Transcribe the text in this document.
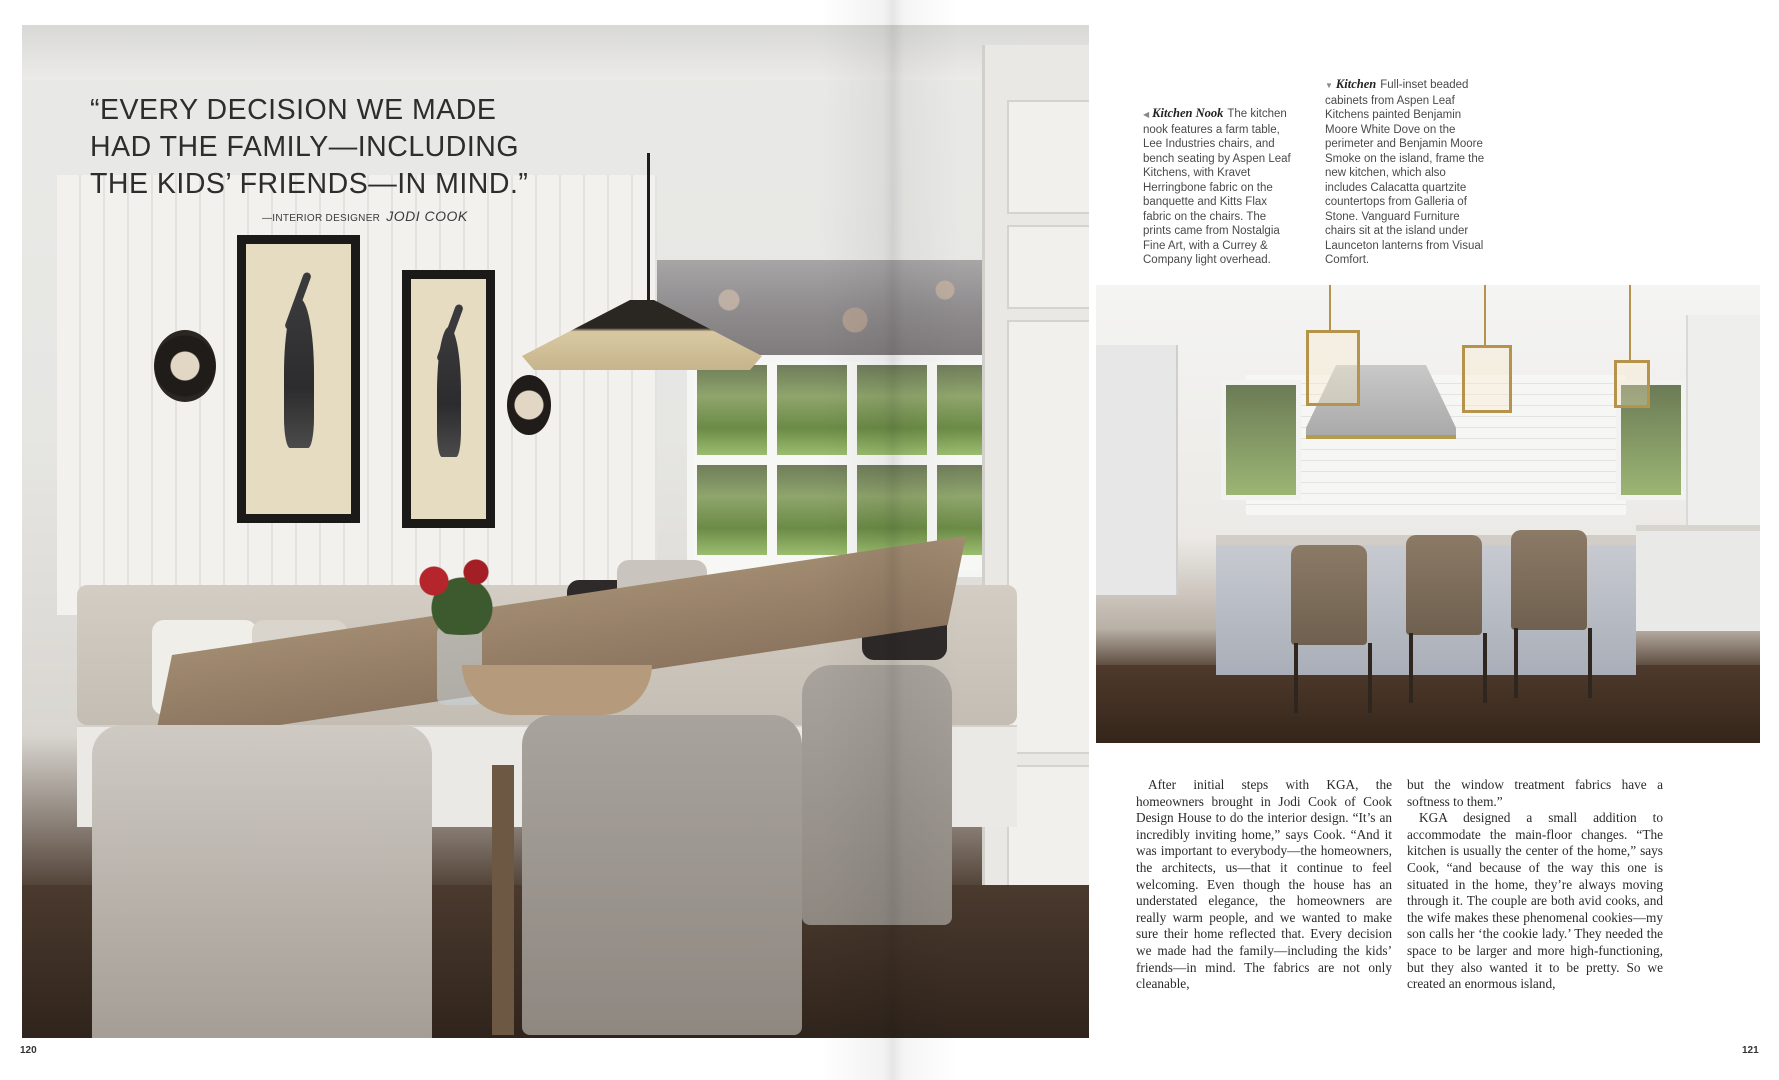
“EVERY DECISION WE MADE HAD THE FAMILY—INCLUDING THE KIDS’ FRIENDS—IN MIND.”

—INTERIOR DESIGNER JODI COOK

◀ Kitchen Nook The kitchen nook features a farm table, Lee Industries chairs, and bench seating by Aspen Leaf Kitchens, with Kravet Herringbone fabric on the banquette and Kitts Flax fabric on the chairs. The prints came from Nostalgia Fine Art, with a Currey & Company light overhead.

▼ Kitchen Full-inset beaded cabinets from Aspen Leaf Kitchens painted Benjamin Moore White Dove on the perimeter and Benjamin Moore Smoke on the island, frame the new kitchen, which also includes Calacatta quartzite countertops from Galleria of Stone. Vanguard Furniture chairs sit at the island under Launceton lanterns from Visual Comfort.

After initial steps with KGA, the homeowners brought in Jodi Cook of Cook Design House to do the interior design. “It’s an incredibly inviting home,” says Cook. “And it was important to everybody—the homeowners, the architects, us—that it continue to feel welcoming. Even though the house has an understated elegance, the homeowners are really warm people, and we wanted to make sure their home reflected that. Every decision we made had the family—including the kids’ friends—in mind. The fabrics are not only cleanable,

but the window treatment fabrics have a softness to them.”

KGA designed a small addition to accommodate the main-floor changes. “The kitchen is usually the center of the home,” says Cook, “and because of the way this one is situated in the home, they’re always moving through it. The couple are both avid cooks, and the wife makes these phenomenal cookies—my son calls her ‘the cookie lady.’ They needed the space to be larger and more high-functioning, but they also wanted it to be pretty. So we created an enormous island,

120	121
